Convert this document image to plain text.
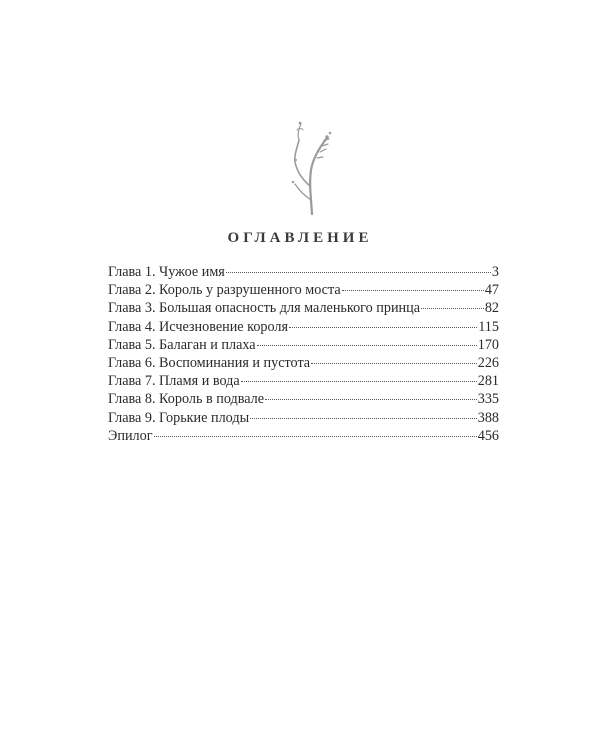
ОГЛАВЛЕНИЕ
Глава 1. Чужое имя	3
Глава 2. Король у разрушенного моста	47
Глава 3. Большая опасность для маленького принца	82
Глава 4. Исчезновение короля	115
Глава 5. Балаган и плаха	170
Глава 6. Воспоминания и пустота	226
Глава 7. Пламя и вода	281
Глава 8. Король в подвале	335
Глава 9. Горькие плоды	388
Эпилог	456
